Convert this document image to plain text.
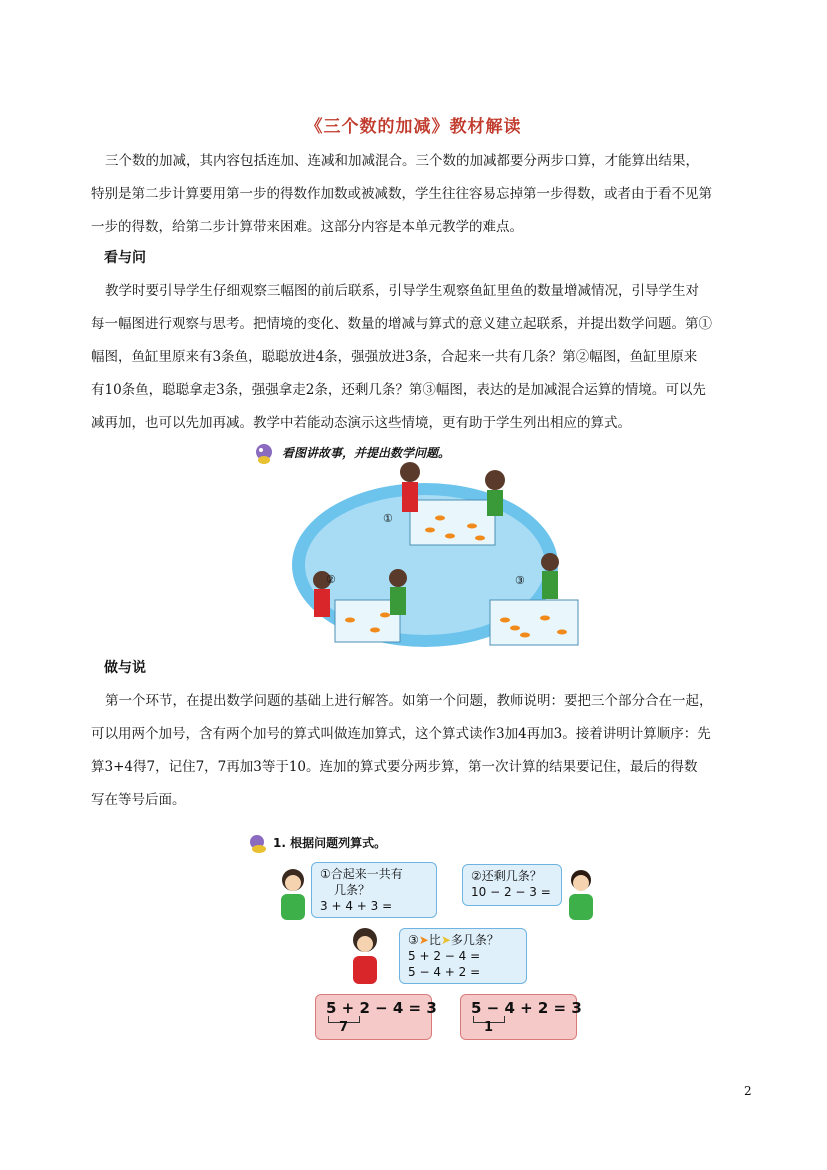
《三个数的加减》教材解读
三个数的加减，其内容包括连加、连减和加减混合。三个数的加减都要分两步口算，才能算出结果，
特别是第二步计算要用第一步的得数作加数或被减数，学生往往容易忘掉第一步得数，或者由于看不见第
一步的得数，给第二步计算带来困难。这部分内容是本单元教学的难点。
看与问
教学时要引导学生仔细观察三幅图的前后联系，引导学生观察鱼缸里鱼的数量增减情况，引导学生对
每一幅图进行观察与思考。把情境的变化、数量的增减与算式的意义建立起联系，并提出数学问题。第①
幅图，鱼缸里原来有3条鱼，聪聪放进4条，强强放进3条，合起来一共有几条？第②幅图，鱼缸里原来
有10条鱼，聪聪拿走3条，强强拿走2条，还剩几条？第③幅图，表达的是加减混合运算的情境。可以先
减再加，也可以先加再减。教学中若能动态演示这些情境，更有助于学生列出相应的算式。
看图讲故事，并提出数学问题。
①
②	③
做与说
第一个环节，在提出数学问题的基础上进行解答。如第一个问题，教师说明：要把三个部分合在一起，
可以用两个加号，含有两个加号的算式叫做连加算式，这个算式读作3加4再加3。接着讲明计算顺序：先
算3+4得7，记住7，7再加3等于10。连加的算式要分两步算，第一次计算的结果要记住，最后的得数
写在等号后面。
1. 根据问题列算式。
①合起来一共有
几条？
3 + 4 + 3 =
②还剩几条？
10 − 2 − 3 =
③➤比➤多几条？
5 + 2 − 4 =
5 − 4 + 2 =
5 + 2 − 4 = 3
7
5 − 4 + 2 = 3
1
2
